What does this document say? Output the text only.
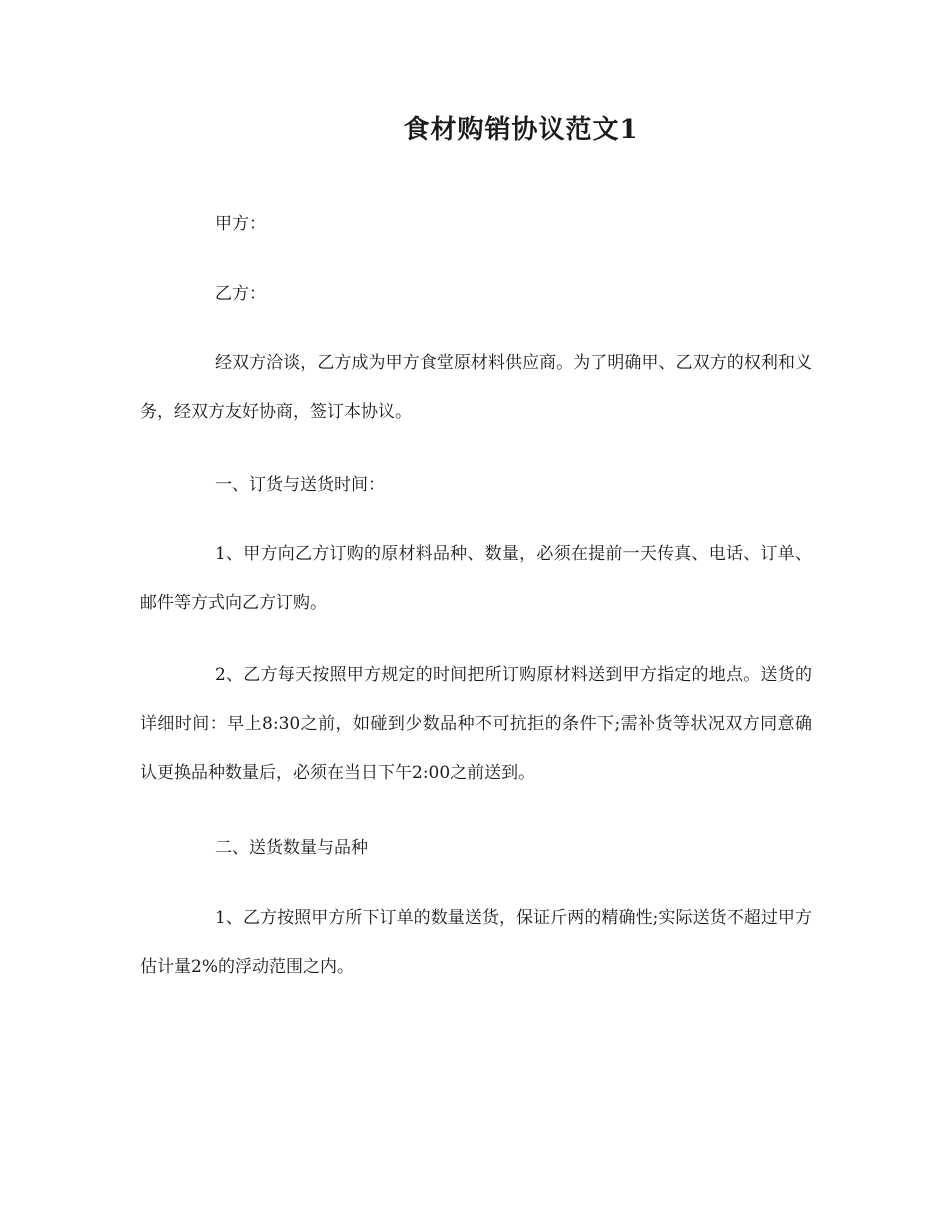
食材购销协议范文1

甲方：

乙方：

经双方洽谈，乙方成为甲方食堂原材料供应商。为了明确甲、乙双方的权利和义务，经双方友好协商，签订本协议。

一、订货与送货时间：

1、甲方向乙方订购的原材料品种、数量，必须在提前一天传真、电话、订单、邮件等方式向乙方订购。

2、乙方每天按照甲方规定的时间把所订购原材料送到甲方指定的地点。送货的详细时间：早上8:30之前，如碰到少数品种不可抗拒的条件下;需补货等状况双方同意确认更换品种数量后，必须在当日下午2:00之前送到。

二、送货数量与品种

1、乙方按照甲方所下订单的数量送货，保证斤两的精确性;实际送货不超过甲方估计量2%的浮动范围之内。
